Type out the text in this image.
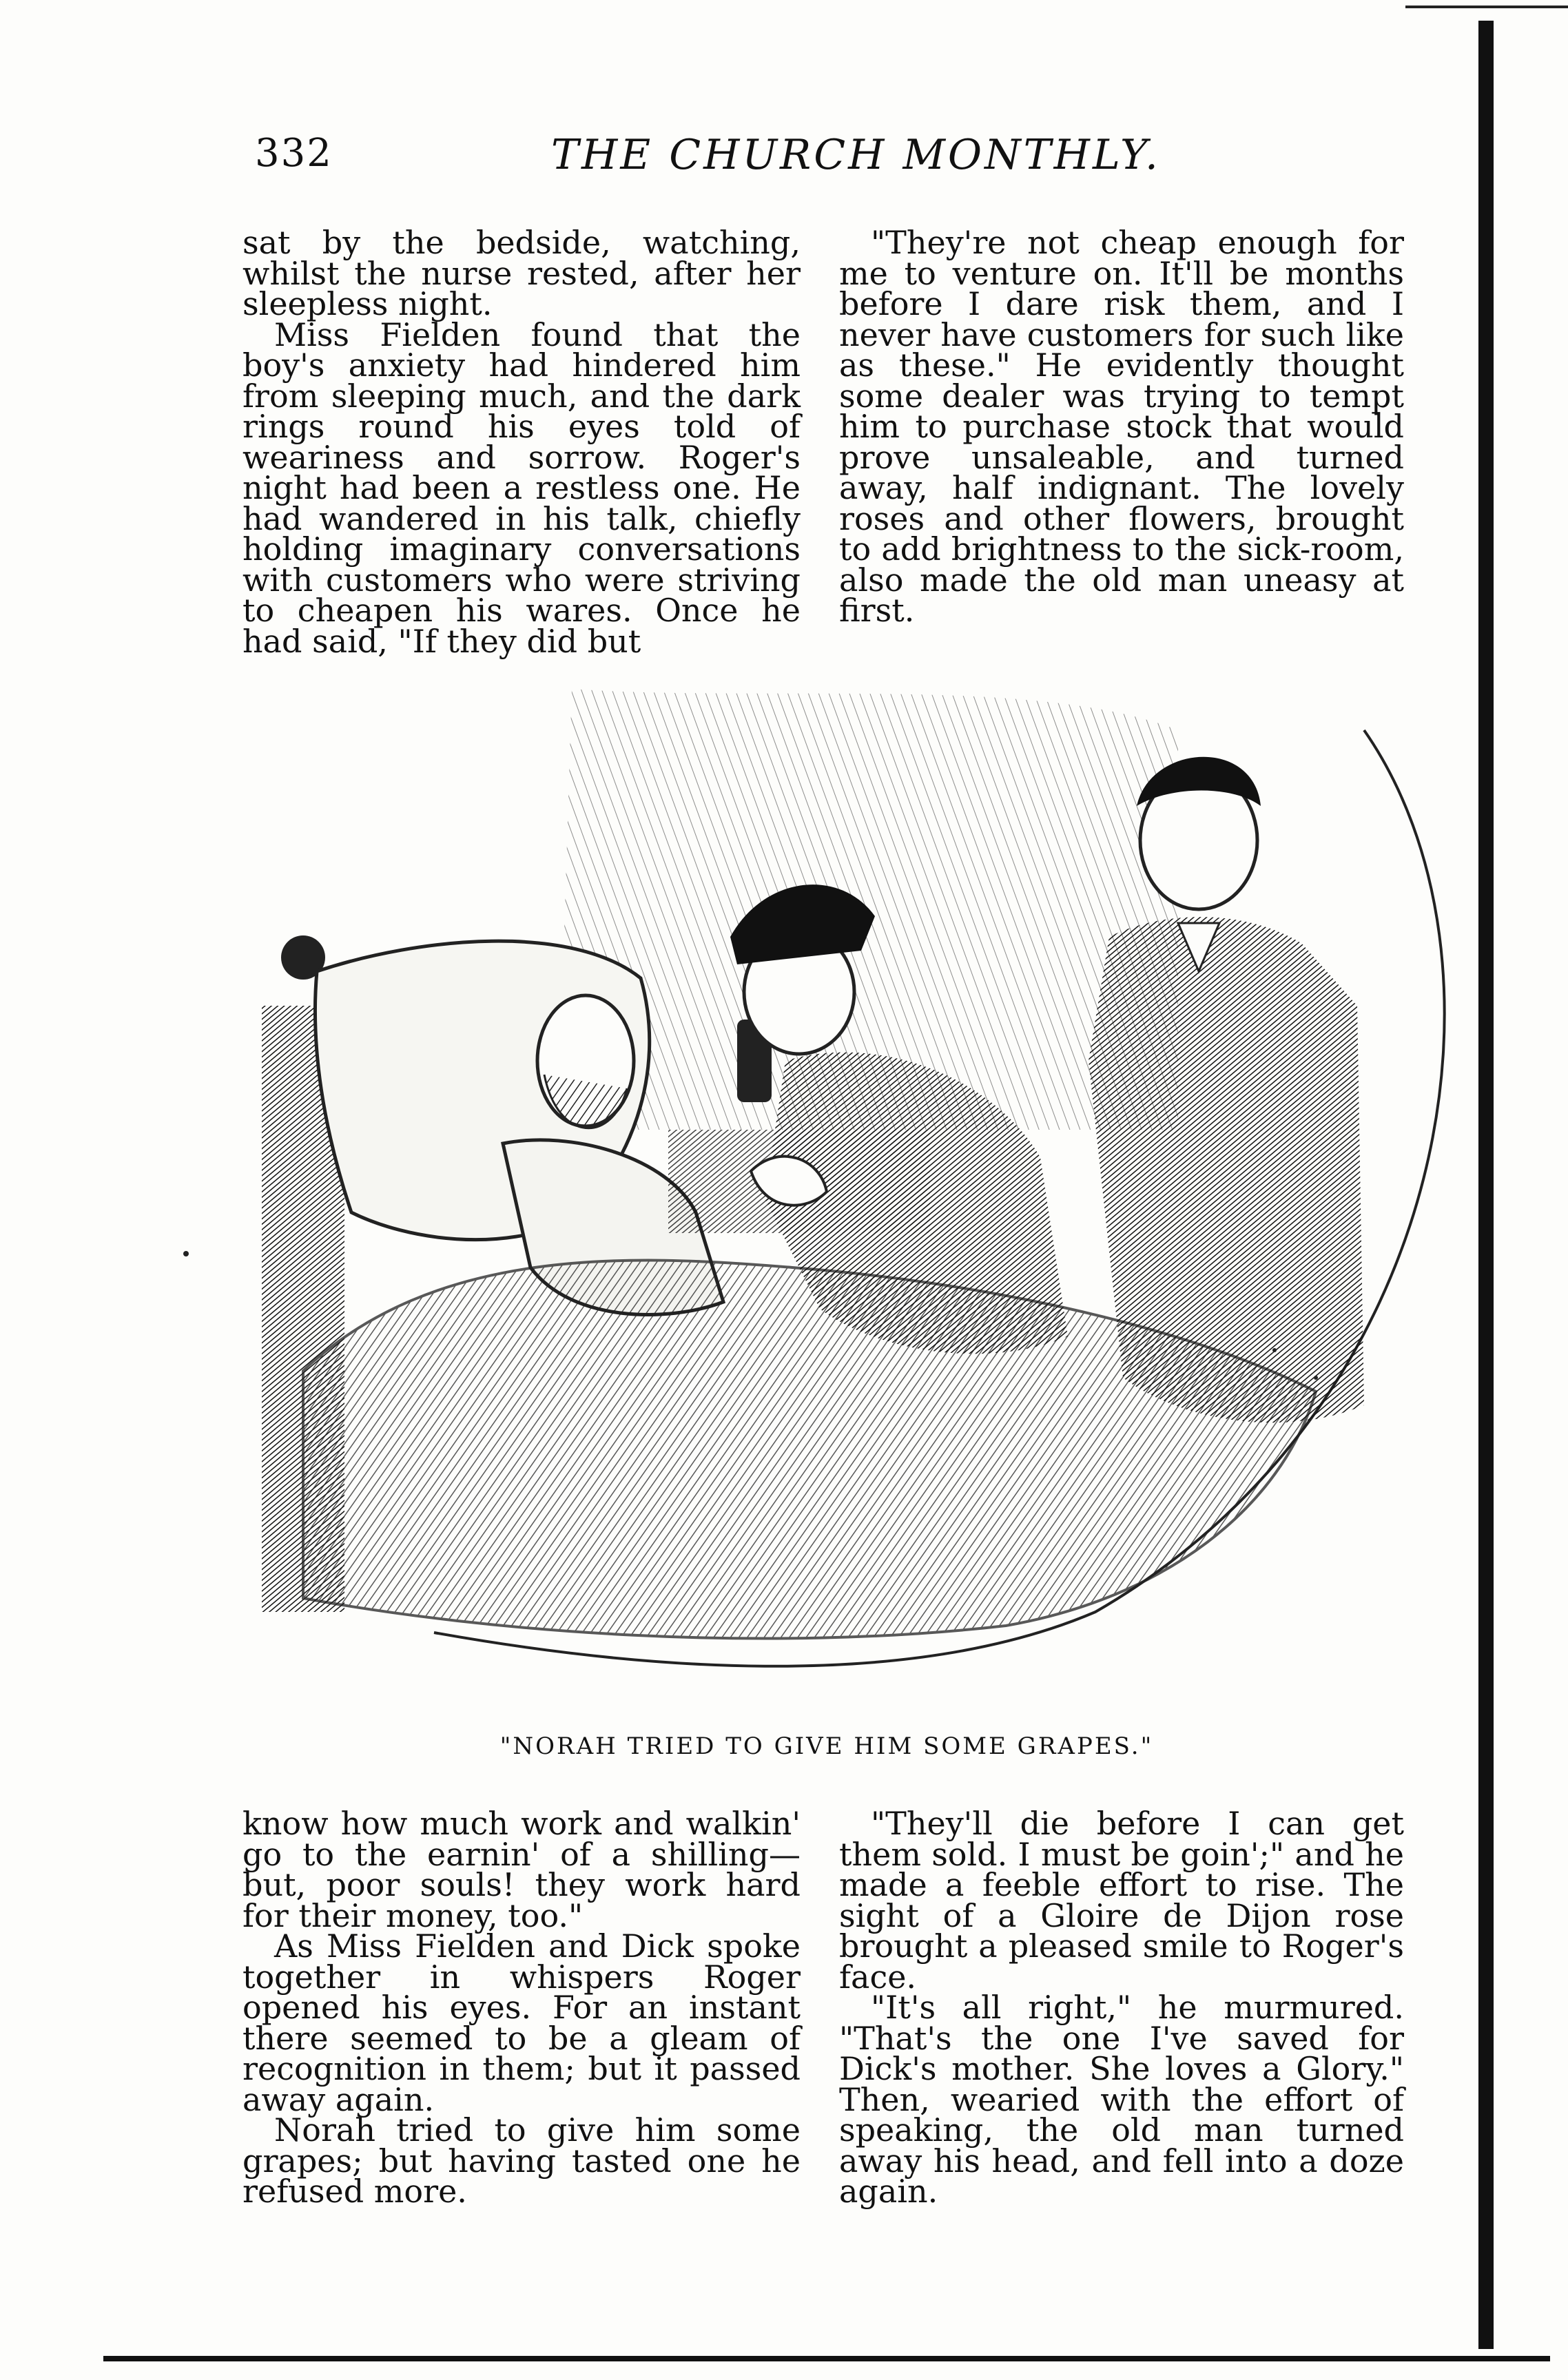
332	THE CHURCH MONTHLY.

sat by the bedside, watching, whilst the nurse rested, after her sleepless night.

Miss Fielden found that the boy's anxiety had hindered him from sleeping much, and the dark rings round his eyes told of weariness and sorrow. Roger's night had been a restless one. He had wandered in his talk, chiefly holding imaginary conversations with customers who were striving to cheapen his wares. Once he had said, "If they did but

"They're not cheap enough for me to venture on. It'll be months before I dare risk them, and I never have customers for such like as these." He evidently thought some dealer was trying to tempt him to purchase stock that would prove unsaleable, and turned away, half indignant. The lovely roses and other flowers, brought to add brightness to the sick-room, also made the old man uneasy at first.

"NORAH TRIED TO GIVE HIM SOME GRAPES."

know how much work and walkin' go to the earnin' of a shilling—but, poor souls! they work hard for their money, too."

As Miss Fielden and Dick spoke together in whispers Roger opened his eyes. For an instant there seemed to be a gleam of recognition in them; but it passed away again.

Norah tried to give him some grapes; but having tasted one he refused more.

"They'll die before I can get them sold. I must be goin';" and he made a feeble effort to rise. The sight of a Gloire de Dijon rose brought a pleased smile to Roger's face.

"It's all right," he murmured. "That's the one I've saved for Dick's mother. She loves a Glory." Then, wearied with the effort of speaking, the old man turned away his head, and fell into a doze again.
